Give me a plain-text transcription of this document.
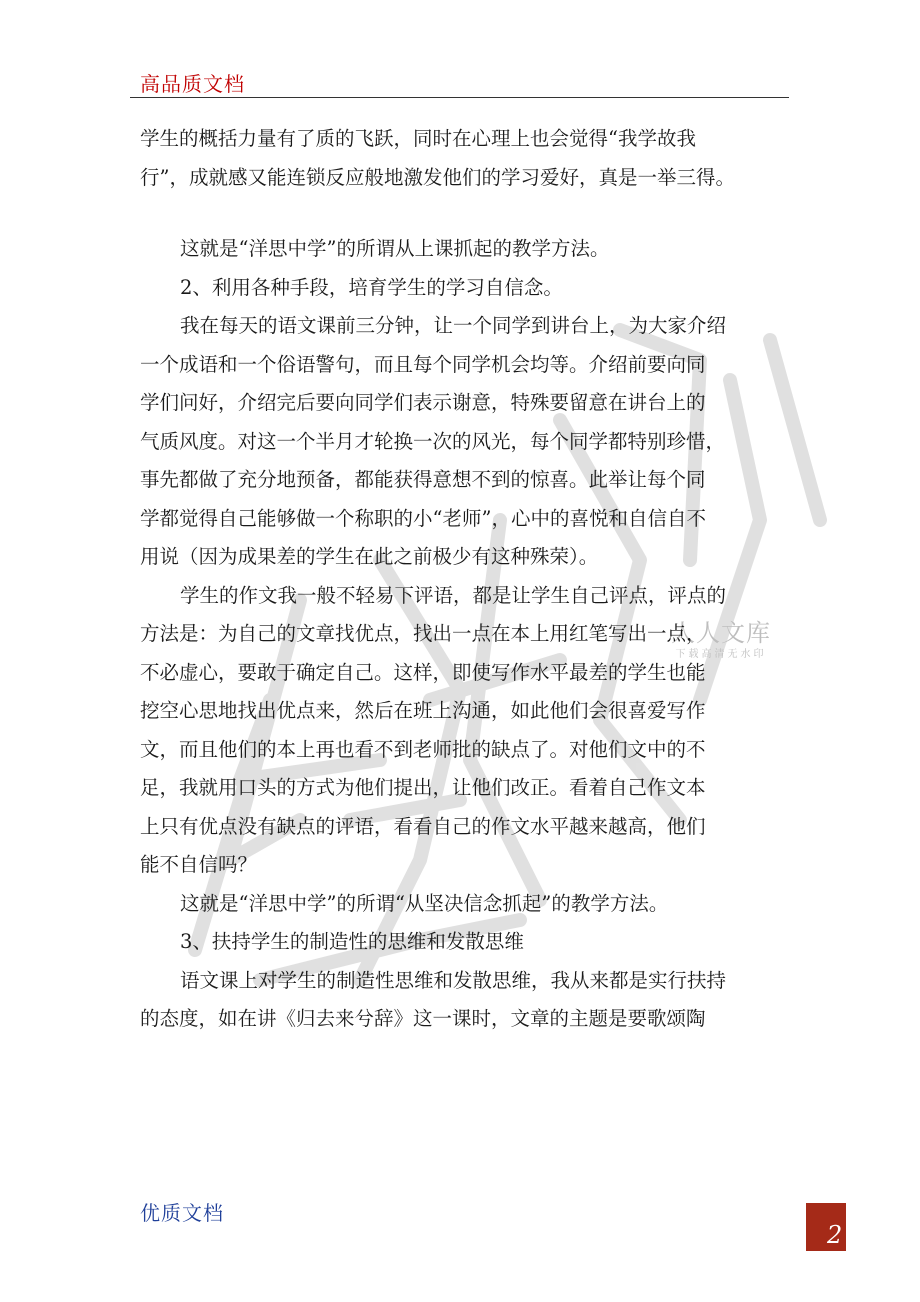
高品质文档
人人文库
下载高清无水印
学生的概括力量有了质的飞跃，同时在心理上也会觉得“我学故我
行”，成就感又能连锁反应般地激发他们的学习爱好，真是一举三得。
这就是“洋思中学”的所谓从上课抓起的教学方法。
2、利用各种手段，培育学生的学习自信念。
我在每天的语文课前三分钟，让一个同学到讲台上，为大家介绍
一个成语和一个俗语警句，而且每个同学机会均等。介绍前要向同
学们问好，介绍完后要向同学们表示谢意，特殊要留意在讲台上的
气质风度。对这一个半月才轮换一次的风光，每个同学都特别珍惜，
事先都做了充分地预备，都能获得意想不到的惊喜。此举让每个同
学都觉得自己能够做一个称职的小“老师”，心中的喜悦和自信自不
用说（因为成果差的学生在此之前极少有这种殊荣）。
学生的作文我一般不轻易下评语，都是让学生自己评点，评点的
方法是：为自己的文章找优点，找出一点在本上用红笔写出一点，
不必虚心，要敢于确定自己。这样，即使写作水平最差的学生也能
挖空心思地找出优点来，然后在班上沟通，如此他们会很喜爱写作
文，而且他们的本上再也看不到老师批的缺点了。对他们文中的不
足，我就用口头的方式为他们提出，让他们改正。看着自己作文本
上只有优点没有缺点的评语，看看自己的作文水平越来越高，他们
能不自信吗？
这就是“洋思中学”的所谓“从坚决信念抓起”的教学方法。
3、扶持学生的制造性的思维和发散思维
语文课上对学生的制造性思维和发散思维，我从来都是实行扶持
的态度，如在讲《归去来兮辞》这一课时，文章的主题是要歌颂陶
优质文档
2
